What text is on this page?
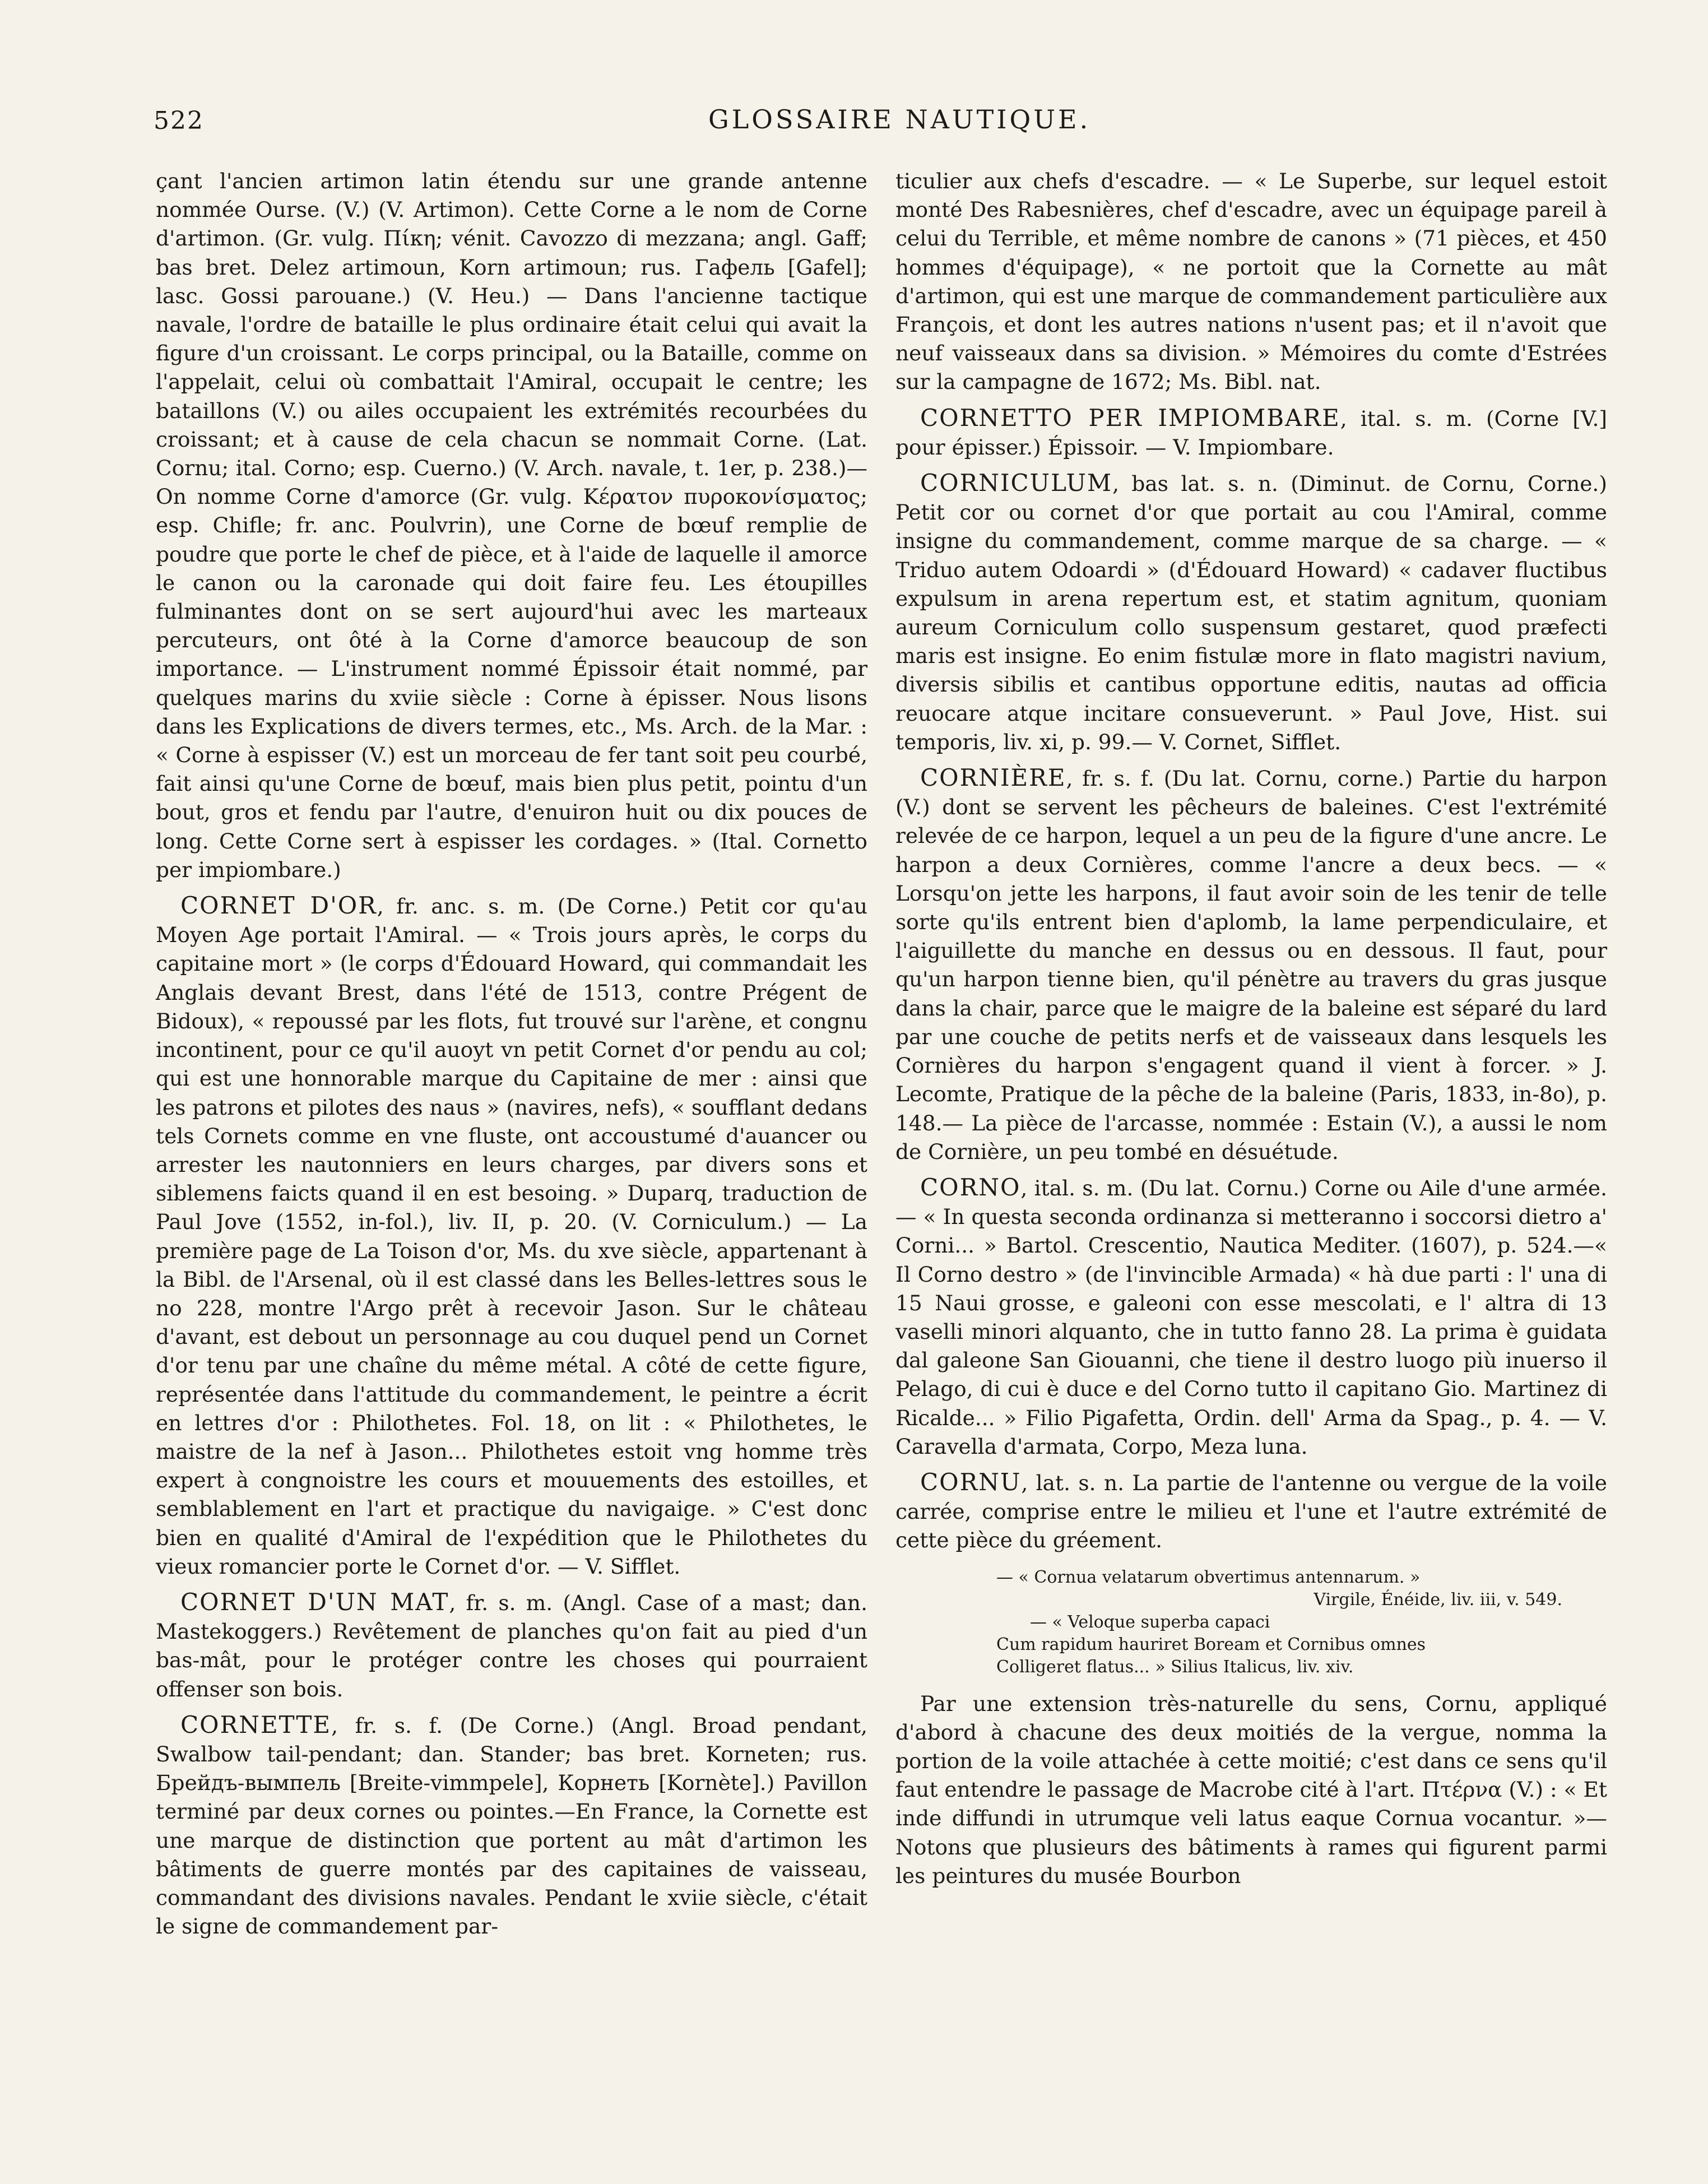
522	GLOSSAIRE NAUTIQUE.

çant l'ancien artimon latin étendu sur une grande antenne nommée Ourse. (V.) (V. Artimon). Cette Corne a le nom de Corne d'artimon. (Gr. vulg. Πίκη; vénit. Cavozzo di mezzana; angl. Gaff; bas bret. Delez artimoun, Korn artimoun; rus. Гафель [Gafel]; lasc. Gossi parouane.) (V. Heu.) — Dans l'ancienne tactique navale, l'ordre de bataille le plus ordinaire était celui qui avait la figure d'un croissant. Le corps principal, ou la Bataille, comme on l'appelait, celui où combattait l'Amiral, occupait le centre; les bataillons (V.) ou ailes occupaient les extrémités recourbées du croissant; et à cause de cela chacun se nommait Corne. (Lat. Cornu; ital. Corno; esp. Cuerno.) (V. Arch. navale, t. 1er, p. 238.)—On nomme Corne d'amorce (Gr. vulg. Κέρατον πυροκονίσματος; esp. Chifle; fr. anc. Poulvrin), une Corne de bœuf remplie de poudre que porte le chef de pièce, et à l'aide de laquelle il amorce le canon ou la caronade qui doit faire feu. Les étoupilles fulminantes dont on se sert aujourd'hui avec les marteaux percuteurs, ont ôté à la Corne d'amorce beaucoup de son importance. — L'instrument nommé Épissoir était nommé, par quelques marins du xviie siècle : Corne à épisser. Nous lisons dans les Explications de divers termes, etc., Ms. Arch. de la Mar. : « Corne à espisser (V.) est un morceau de fer tant soit peu courbé, fait ainsi qu'une Corne de bœuf, mais bien plus petit, pointu d'un bout, gros et fendu par l'autre, d'enuiron huit ou dix pouces de long. Cette Corne sert à espisser les cordages. » (Ital. Cornetto per impiombare.)

CORNET D'OR, fr. anc. s. m. (De Corne.) Petit cor qu'au Moyen Age portait l'Amiral. — « Trois jours après, le corps du capitaine mort » (le corps d'Édouard Howard, qui commandait les Anglais devant Brest, dans l'été de 1513, contre Prégent de Bidoux), « repoussé par les flots, fut trouvé sur l'arène, et congnu incontinent, pour ce qu'il auoyt vn petit Cornet d'or pendu au col; qui est une honnorable marque du Capitaine de mer : ainsi que les patrons et pilotes des naus » (navires, nefs), « soufflant dedans tels Cornets comme en vne fluste, ont accoustumé d'auancer ou arrester les nautonniers en leurs charges, par divers sons et siblemens faicts quand il en est besoing. » Duparq, traduction de Paul Jove (1552, in-fol.), liv. II, p. 20. (V. Corniculum.) — La première page de La Toison d'or, Ms. du xve siècle, appartenant à la Bibl. de l'Arsenal, où il est classé dans les Belles-lettres sous le no 228, montre l'Argo prêt à recevoir Jason. Sur le château d'avant, est debout un personnage au cou duquel pend un Cornet d'or tenu par une chaîne du même métal. A côté de cette figure, représentée dans l'attitude du commandement, le peintre a écrit en lettres d'or : Philothetes. Fol. 18, on lit : « Philothetes, le maistre de la nef à Jason... Philothetes estoit vng homme très expert à congnoistre les cours et mouuements des estoilles, et semblablement en l'art et practique du navigaige. » C'est donc bien en qualité d'Amiral de l'expédition que le Philothetes du vieux romancier porte le Cornet d'or. — V. Sifflet.

CORNET D'UN MAT, fr. s. m. (Angl. Case of a mast; dan. Mastekoggers.) Revêtement de planches qu'on fait au pied d'un bas-mât, pour le protéger contre les choses qui pourraient offenser son bois.

CORNETTE, fr. s. f. (De Corne.) (Angl. Broad pendant, Swalbow tail-pendant; dan. Stander; bas bret. Korneten; rus. Брейдъ-вымпель [Breite-vimmpele], Корнеть [Kornète].) Pavillon terminé par deux cornes ou pointes.—En France, la Cornette est une marque de distinction que portent au mât d'artimon les bâtiments de guerre montés par des capitaines de vaisseau, commandant des divisions navales. Pendant le xviie siècle, c'était le signe de commandement par-

ticulier aux chefs d'escadre. — « Le Superbe, sur lequel estoit monté Des Rabesnières, chef d'escadre, avec un équipage pareil à celui du Terrible, et même nombre de canons » (71 pièces, et 450 hommes d'équipage), « ne portoit que la Cornette au mât d'artimon, qui est une marque de commandement particulière aux François, et dont les autres nations n'usent pas; et il n'avoit que neuf vaisseaux dans sa division. » Mémoires du comte d'Estrées sur la campagne de 1672; Ms. Bibl. nat.

CORNETTO PER IMPIOMBARE, ital. s. m. (Corne [V.] pour épisser.) Épissoir. — V. Impiombare.

CORNICULUM, bas lat. s. n. (Diminut. de Cornu, Corne.) Petit cor ou cornet d'or que portait au cou l'Amiral, comme insigne du commandement, comme marque de sa charge. — « Triduo autem Odoardi » (d'Édouard Howard) « cadaver fluctibus expulsum in arena repertum est, et statim agnitum, quoniam aureum Corniculum collo suspensum gestaret, quod præfecti maris est insigne. Eo enim fistulæ more in flato magistri navium, diversis sibilis et cantibus opportune editis, nautas ad officia reuocare atque incitare consueverunt. » Paul Jove, Hist. sui temporis, liv. xi, p. 99.— V. Cornet, Sifflet.

CORNIÈRE, fr. s. f. (Du lat. Cornu, corne.) Partie du harpon (V.) dont se servent les pêcheurs de baleines. C'est l'extrémité relevée de ce harpon, lequel a un peu de la figure d'une ancre. Le harpon a deux Cornières, comme l'ancre a deux becs. — « Lorsqu'on jette les harpons, il faut avoir soin de les tenir de telle sorte qu'ils entrent bien d'aplomb, la lame perpendiculaire, et l'aiguillette du manche en dessus ou en dessous. Il faut, pour qu'un harpon tienne bien, qu'il pénètre au travers du gras jusque dans la chair, parce que le maigre de la baleine est séparé du lard par une couche de petits nerfs et de vaisseaux dans lesquels les Cornières du harpon s'engagent quand il vient à forcer. » J. Lecomte, Pratique de la pêche de la baleine (Paris, 1833, in-8o), p. 148.— La pièce de l'arcasse, nommée : Estain (V.), a aussi le nom de Cornière, un peu tombé en désuétude.

CORNO, ital. s. m. (Du lat. Cornu.) Corne ou Aile d'une armée. — « In questa seconda ordinanza si metteranno i soccorsi dietro a' Corni... » Bartol. Crescentio, Nautica Mediter. (1607), p. 524.—« Il Corno destro » (de l'invincible Armada) « hà due parti : l' una di 15 Naui grosse, e galeoni con esse mescolati, e l' altra di 13 vaselli minori alquanto, che in tutto fanno 28. La prima è guidata dal galeone San Giouanni, che tiene il destro luogo più inuerso il Pelago, di cui è duce e del Corno tutto il capitano Gio. Martinez di Ricalde... » Filio Pigafetta, Ordin. dell' Arma da Spag., p. 4. — V. Caravella d'armata, Corpo, Meza luna.

CORNU, lat. s. n. La partie de l'antenne ou vergue de la voile carrée, comprise entre le milieu et l'une et l'autre extrémité de cette pièce du gréement.

— « Cornua velatarum obvertimus antennarum. »
Virgile, Énéide, liv. iii, v. 549.
— « Veloque superba capaci
Cum rapidum hauriret Boream et Cornibus omnes
Colligeret flatus... » Silius Italicus, liv. xiv.

Par une extension très-naturelle du sens, Cornu, appliqué d'abord à chacune des deux moitiés de la vergue, nomma la portion de la voile attachée à cette moitié; c'est dans ce sens qu'il faut entendre le passage de Macrobe cité à l'art. Πτέρνα (V.) : « Et inde diffundi in utrumque veli latus eaque Cornua vocantur. »—Notons que plusieurs des bâtiments à rames qui figurent parmi les peintures du musée Bourbon
